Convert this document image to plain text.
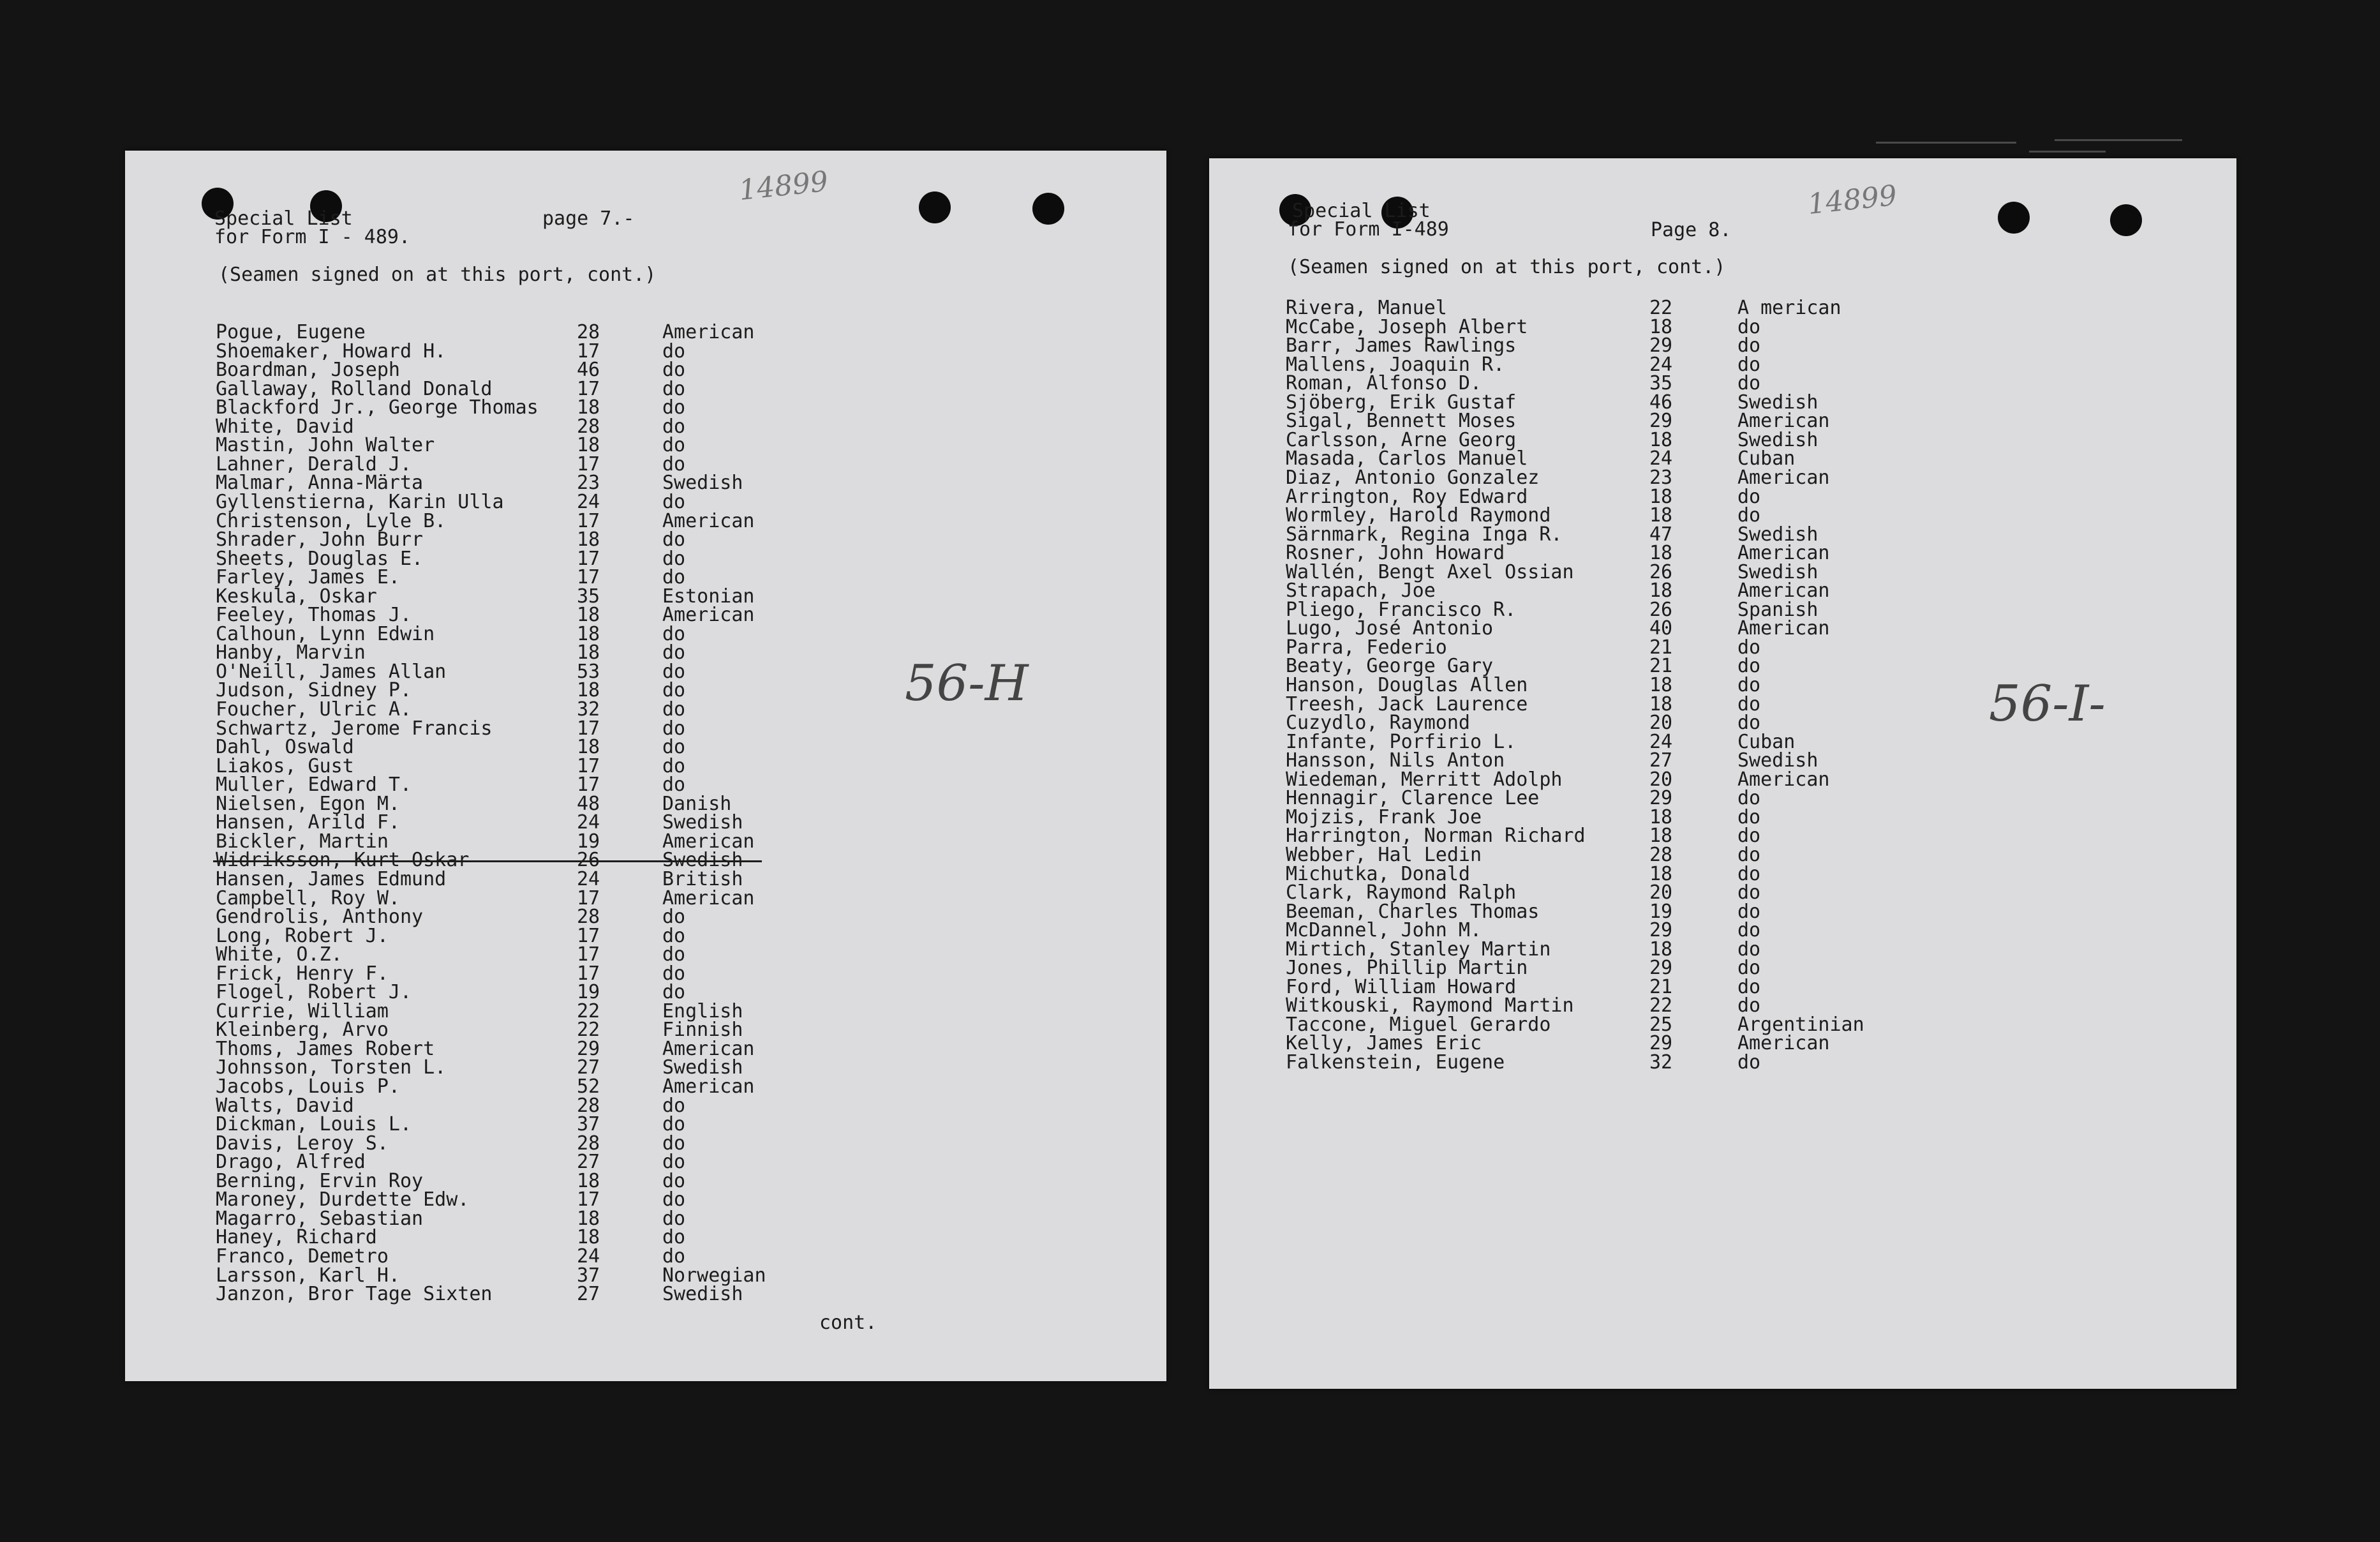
Special List
for Form I - 489.
page 7.-
14899
(Seamen signed on at this port, cont.)
Pogue, Eugene	28	American
Shoemaker, Howard H.	17	do
Boardman, Joseph	46	do
Gallaway, Rolland Donald	17	do
Blackford Jr., George Thomas 18	do
White, David	28	do
Mastin, John Walter	18	do
Lahner, Derald J.	17	do
Malmar, Anna-Märta	23	Swedish
Gyllenstierna, Karin Ulla	24	do
Christenson, Lyle B.	17	American
Shrader, John Burr	18	do
Sheets, Douglas E.	17	do
Farley, James E.	17	do
Keskula, Oskar	35	Estonian
Feeley, Thomas J.	18	American
Calhoun, Lynn Edwin	18	do
Hanby, Marvin	18	do
O'Neill, James Allan	53	do
Judson, Sidney P.	18	do
Foucher, Ulric A.	32	do
Schwartz, Jerome Francis	17	do
Dahl, Oswald	18	do
Liakos, Gust	17	do
Muller, Edward T.	17	do
Nielsen, Egon M.	48	Danish
Hansen, Arild F.	24	Swedish
Bickler, Martin	19	American
Widriksson, Kurt Oskar	26	Swedish
Hansen, James Edmund	24	British
Campbell, Roy W.	17	American
Gendrolis, Anthony	28	do
Long, Robert J.	17	do
White, O.Z.	17	do
Frick, Henry F.	17	do
Flogel, Robert J.	19	do
Currie, William	22	English
Kleinberg, Arvo	22	Finnish
Thoms, James Robert	29	American
Johnsson, Torsten L.	27	Swedish
Jacobs, Louis P.	52	American
Walts, David	28	do
Dickman, Louis L.	37	do
Davis, Leroy S.	28	do
Drago, Alfred	27	do
Berning, Ervin Roy	18	do
Maroney, Durdette Edw.	17	do
Magarro, Sebastian	18	do
Haney, Richard	18	do
Franco, Demetro	24	do
Larsson, Karl H.	37	Norwegian
Janzon, Bror Tage Sixten	27	Swedish
56-H
cont.
Special List
for Form I-489	Page 8.
14899
(Seamen signed on at this port, cont.)
Rivera, Manuel	22	A merican
McCabe, Joseph Albert	18	do
Barr, James Rawlings	29	do
Mallens, Joaquin R.	24	do
Roman, Alfonso D.	35	do
Sjöberg, Erik Gustaf	46	Swedish
Sigal, Bennett Moses	29	American
Carlsson, Arne Georg	18	Swedish
Masada, Carlos Manuel	24	Cuban
Diaz, Antonio Gonzalez	23	American
Arrington, Roy Edward	18	do
Wormley, Harold Raymond	18	do
Särnmark, Regina Inga R.	47	Swedish
Rosner, John Howard	18	American
Wallén, Bengt Axel Ossian	26	Swedish
Strapach, Joe	18	American
Pliego, Francisco R.	26	Spanish
Lugo, José Antonio	40	American
Parra, Federio	21	do
Beaty, George Gary	21	do
Hanson, Douglas Allen	18	do
Treesh, Jack Laurence	18	do
Cuzydlo, Raymond	20	do
Infante, Porfirio L.	24	Cuban
Hansson, Nils Anton	27	Swedish
Wiedeman, Merritt Adolph	20	American
Hennagir, Clarence Lee	29	do
Mojzis, Frank Joe	18	do
Harrington, Norman Richard	18	do
Webber, Hal Ledin	28	do
Michutka, Donald	18	do
Clark, Raymond Ralph	20	do
Beeman, Charles Thomas	19	do
McDannel, John M.	29	do
Mirtich, Stanley Martin	18	do
Jones, Phillip Martin	29	do
Ford, William Howard	21	do
Witkouski, Raymond Martin	22	do
Taccone, Miguel Gerardo	25	Argentinian
Kelly, James Eric	29	American
Falkenstein, Eugene	32	do
56-I-
